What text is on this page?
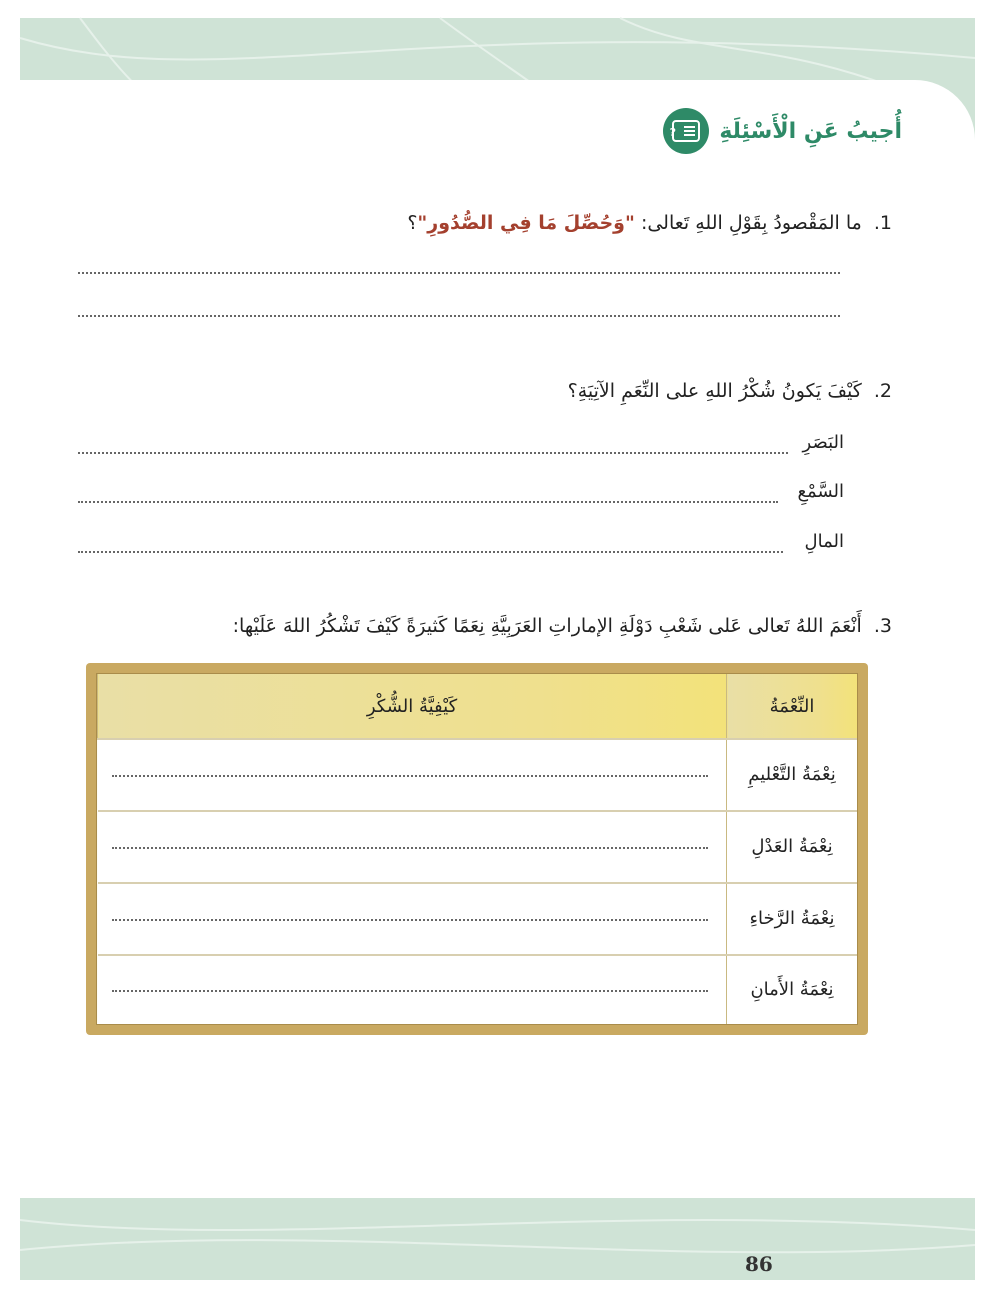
? أُجيبُ عَنِ الْأَسْئِلَةِ
1. ما المَقْصودُ بِقَوْلِ اللهِ تَعالى: "وَحُصِّلَ مَا فِي الصُّدُورِ"؟
2. كَيْفَ يَكونُ شُكْرُ اللهِ على النِّعَمِ الآتِيَةِ؟
البَصَرِ
السَّمْعِ
المالِ
3. أَنْعَمَ اللهُ تَعالى عَلى شَعْبِ دَوْلَةِ الإماراتِ العَرَبِيَّةِ نِعَمًا كَثيرَةً كَيْفَ تَشْكُرُ اللهَ عَلَيْها:
النِّعْمَةُ	كَيْفِيَّةُ الشُّكْرِ
نِعْمَةُ التَّعْليمِ	

نِعْمَةُ العَدْلِ	

نِعْمَةُ الرَّخاءِ	

نِعْمَةُ الأَمانِ	
86
